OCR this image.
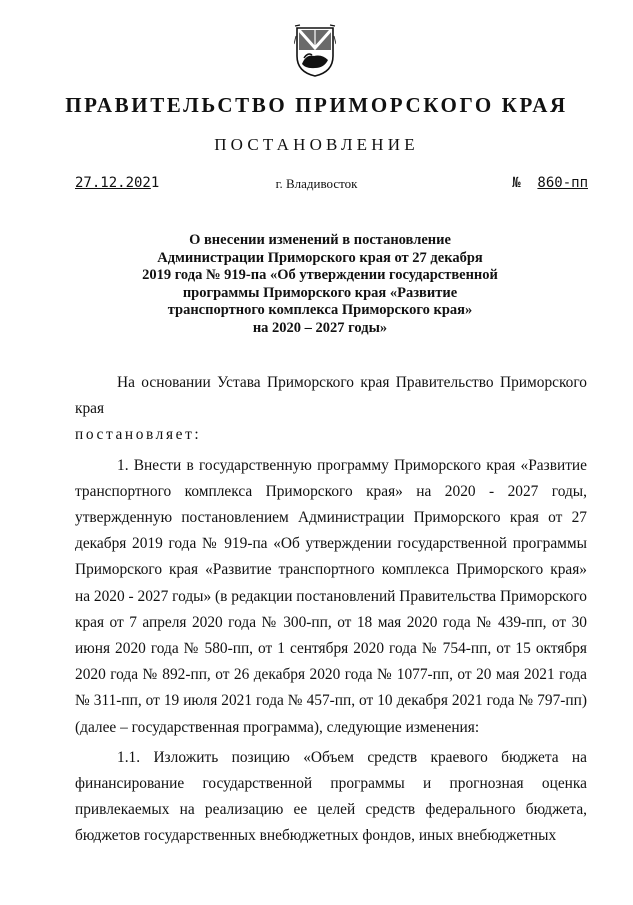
ПРАВИТЕЛЬСТВО ПРИМОРСКОГО КРАЯ
ПОСТАНОВЛЕНИЕ
27.12.2021	г. Владивосток	№ 860-пп
О внесении изменений в постановление
Администрации Приморского края от 27 декабря
2019 года № 919-па «Об утверждении государственной
программы Приморского края «Развитие
транспортного комплекса Приморского края»
на 2020 – 2027 годы»

На основании Устава Приморского края Правительство Приморского края

постановляет:

1. Внести в государственную программу Приморского края «Развитие транспортного комплекса Приморского края» на 2020 - 2027 годы, утвержденную постановлением Администрации Приморского края от 27 декабря 2019 года № 919-па «Об утверждении государственной программы Приморского края «Развитие транспортного комплекса Приморского края» на 2020 - 2027 годы» (в редакции постановлений Правительства Приморского края от 7 апреля 2020 года № 300-пп, от 18 мая 2020 года № 439-пп, от 30 июня 2020 года № 580-пп, от 1 сентября 2020 года № 754-пп, от 15 октября 2020 года № 892-пп, от 26 декабря 2020 года № 1077-пп, от 20 мая 2021 года № 311-пп, от 19 июля 2021 года № 457-пп, от 10 декабря 2021 года № 797-пп) (далее – государственная программа), следующие изменения:

1.1. Изложить позицию «Объем средств краевого бюджета на финансирование государственной программы и прогнозная оценка привлекаемых на реализацию ее целей средств федерального бюджета, бюджетов государственных внебюджетных фондов, иных внебюджетных
